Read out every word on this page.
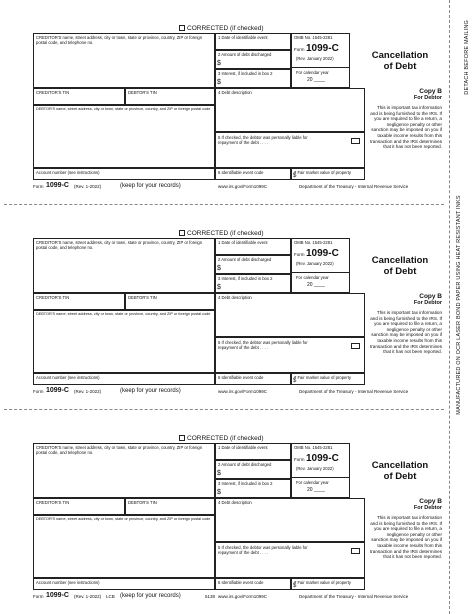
MANUFACTURED ON OCR LASER BOND PAPER USING HEAT RESISTANT INKS
DETACH BEFORE MAILING
CORRECTED (if checked)
CREDITOR'S name, street address, city or town, state or province, country, ZIP or foreign postal code, and telephone no.
1 Date of identifiable event
2 Amount of debt discharged
$
3 Interest, if included in box 2
$
OMB No. 1545-2281
Form 1099-C
(Rev. January 2022)
For calendar year
20 ____
Cancellation
of Debt
CREDITOR'S TIN	DEBTOR'S TIN	4 Debt description
DEBTOR'S name, street address, city or town, state or province, country, and ZIP or foreign postal code
5 If checked, the debtor was personally liable for repayment of the debt . . . .
Copy B
For Debtor
This is important tax information and is being furnished to the IRS. If you are required to file a return, a negligence penalty or other sanction may be imposed on you if taxable income results from this transaction and the IRS determines that it has not been reported.
Account number (see instructions)	6 Identifiable event code	7 Fair market value of property
$
Form 1099-C (Rev. 1-2022)	(keep for your records)	www.irs.gov/Form1099C	Department of the Treasury - Internal Revenue Service
CORRECTED (if checked)
CREDITOR'S name, street address, city or town, state or province, country, ZIP or foreign postal code, and telephone no.
1 Date of identifiable event
2 Amount of debt discharged
$
3 Interest, if included in box 2
$
OMB No. 1545-2281
Form 1099-C
(Rev. January 2022)
For calendar year
20 ____
Cancellation
of Debt
CREDITOR'S TIN	DEBTOR'S TIN	4 Debt description
DEBTOR'S name, street address, city or town, state or province, country, and ZIP or foreign postal code
5 If checked, the debtor was personally liable for repayment of the debt . . . .
Copy B
For Debtor
This is important tax information and is being furnished to the IRS. If you are required to file a return, a negligence penalty or other sanction may be imposed on you if taxable income results from this transaction and the IRS determines that it has not been reported.
Account number (see instructions)	6 Identifiable event code	7 Fair market value of property
$
Form 1099-C (Rev. 1-2022)	(keep for your records)	www.irs.gov/Form1099C	Department of the Treasury - Internal Revenue Service
CORRECTED (if checked)
CREDITOR'S name, street address, city or town, state or province, country, ZIP or foreign postal code, and telephone no.
1 Date of identifiable event
2 Amount of debt discharged
$
3 Interest, if included in box 2
$
OMB No. 1545-2281
Form 1099-C
(Rev. January 2022)
For calendar year
20 ____
Cancellation
of Debt
CREDITOR'S TIN	DEBTOR'S TIN	4 Debt description
DEBTOR'S name, street address, city or town, state or province, country, and ZIP or foreign postal code
5 If checked, the debtor was personally liable for repayment of the debt . . . .
Copy B
For Debtor
This is important tax information and is being furnished to the IRS. If you are required to file a return, a negligence penalty or other sanction may be imposed on you if taxable income results from this transaction and the IRS determines that it has not been reported.
Account number (see instructions)	6 Identifiable event code	7 Fair market value of property
$
Form 1099-C (Rev. 1-2022) LCB (keep for your records)	5138 www.irs.gov/Form1099C	Department of the Treasury - Internal Revenue Service
